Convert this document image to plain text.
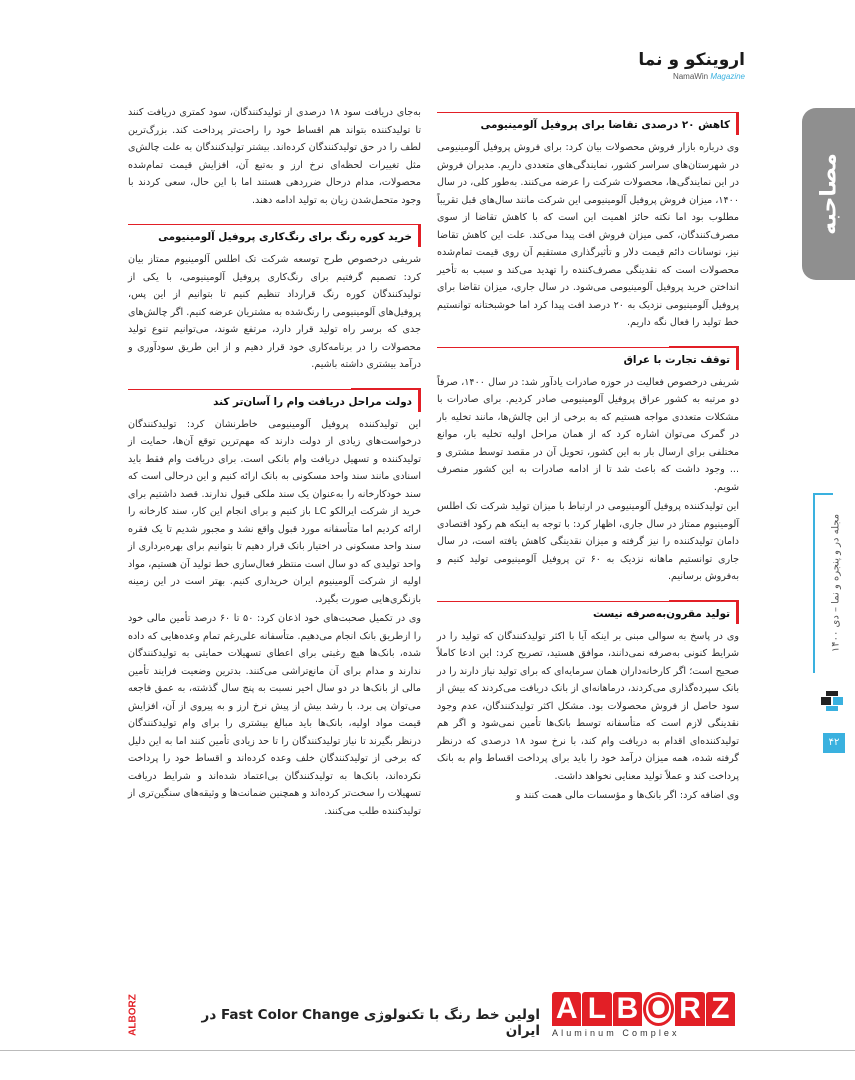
اروینکو و نما
NamaWin Magazine
مصاحبه
مجله در و پنجره و نما – دی ۱۴۰۰
۴۲
کاهش ۲۰ درصدی تقاضا برای پروفیل آلومینیومی

وی درباره بازار فروش محصولات بیان کرد: برای فروش پروفیل آلومینیومی در شهرستان‌های سراسر کشور، نمایندگی‌های متعددی داریم. مدیران فروش در این نمایندگی‌ها، محصولات شرکت را عرضه می‌کنند. به‌طور کلی، در سال ۱۴۰۰، میزان فروش پروفیل آلومینیومی این شرکت مانند سال‌های قبل تقریباً مطلوب بود اما نکته حائز اهمیت این است که با کاهش تقاضا از سوی مصرف‌کنندگان، کمی میزان فروش افت پیدا می‌کند. علت این کاهش تقاضا نیز، نوسانات دائم قیمت دلار و تأثیرگذاری مستقیم آن روی قیمت تمام‌شده محصولات است که نقدینگی مصرف‌کننده را تهدید می‌کند و سبب به تأخیر انداختن خرید پروفیل آلومینیومی می‌شود. در سال جاری، میزان تقاضا برای پروفیل آلومینیومی نزدیک به ۲۰ درصد افت پیدا کرد اما خوشبختانه توانستیم خط تولید را فعال نگه داریم.

توقف تجارت با عراق

شریفی درخصوص فعالیت در حوزه صادرات یادآور شد: در سال ۱۴۰۰، صرفاً دو مرتبه به کشور عراق پروفیل آلومینیومی صادر کردیم. برای صادرات با مشکلات متعددی مواجه هستیم که به برخی از این چالش‌ها، مانند تخلیه بار در گمرک می‌توان اشاره کرد که از همان مراحل اولیه تخلیه بار، موانع مختلفی برای ارسال بار به این کشور، تحویل آن در مقصد توسط مشتری و ... وجود داشت که باعث شد تا از ادامه صادرات به این کشور منصرف شویم.

این تولیدکننده پروفیل آلومینیومی در ارتباط با میزان تولید شرکت تک اطلس آلومینیوم ممتاز در سال جاری، اظهار کرد: با توجه به اینکه هم رکود اقتصادی دامان تولیدکننده را نیز گرفته و میزان نقدینگی کاهش یافته است، در سال جاری توانستیم ماهانه نزدیک به ۶۰ تن پروفیل آلومینیومی تولید کنیم و به‌فروش برسانیم.

تولید مقرون‌به‌صرفه نیست

وی در پاسخ به سوالی مبنی بر اینکه آیا با اکثر تولیدکنندگان که تولید را در شرایط کنونی به‌صرفه نمی‌دانند، موافق هستید، تصریح کرد: این ادعا کاملاً صحیح است؛ اگر کارخانه‌داران همان سرمایه‌ای که برای تولید نیاز دارند را در بانک سپرده‌گذاری می‌کردند، درماهانه‌ای از بانک دریافت می‌کردند که بیش از سود حاصل از فروش محصولات بود. مشکل اکثر تولیدکنندگان، عدم وجود نقدینگی لازم است که متأسفانه توسط بانک‌ها تأمین نمی‌شود و اگر هم تولیدکننده‌ای اقدام به دریافت وام کند، با نرخ سود ۱۸ درصدی که درنظر گرفته شده، همه میزان درآمد خود را باید برای پرداخت اقساط وام به بانک پرداخت کند و عملاً تولید معنایی نخواهد داشت.

وی اضافه کرد: اگر بانک‌ها و مؤسسات مالی همت کنند و

به‌جای دریافت سود ۱۸ درصدی از تولیدکنندگان، سود کمتری دریافت کنند تا تولیدکننده بتواند هم اقساط خود را راحت‌تر پرداخت کند. بزرگ‌ترین لطف را در حق تولیدکنندگان کرده‌اند. بیشتر تولیدکنندگان به علت چالش‌ی مثل تغییرات لحظه‌ای نرخ ارز و به‌تبع آن، افزایش قیمت تمام‌شده محصولات، مدام درحال ضرردهی هستند اما با این حال، سعی کردند با وجود متحمل‌شدن زیان به تولید ادامه دهند.

خرید کوره رنگ برای رنگ‌کاری پروفیل آلومینیومی

شریفی درخصوص طرح توسعه شرکت تک اطلس آلومینیوم ممتاز بیان کرد: تصمیم گرفتیم برای رنگ‌کاری پروفیل آلومینیومی، با یکی از تولیدکنندگان کوره رنگ قرارداد تنظیم کنیم تا بتوانیم از این پس، پروفیل‌های آلومینیومی را رنگ‌شده به مشتریان عرضه کنیم. اگر چالش‌های جدی که برسر راه تولید قرار دارد، مرتفع شوند، می‌توانیم تنوع تولید محصولات را در برنامه‌کاری خود قرار دهیم و از این طریق سودآوری و درآمد بیشتری داشته باشیم.

دولت مراحل دریافت وام را آسان‌تر کند

این تولیدکننده پروفیل آلومینیومی خاطرنشان کرد: تولیدکنندگان درخواست‌های زیادی از دولت دارند که مهم‌ترین توقع آن‌ها، حمایت از تولیدکننده و تسهیل دریافت وام بانکی است. برای دریافت وام فقط باید اسنادی مانند سند واحد مسکونی به بانک ارائه کنیم و این درحالی است که سند خودکارخانه را به‌عنوان یک سند ملکی قبول ندارند. قصد داشتیم برای خرید از شرکت ایرالکو LC باز کنیم و برای انجام این کار، سند کارخانه را ارائه کردیم اما متأسفانه مورد قبول واقع نشد و مجبور شدیم تا یک فقره سند واحد مسکونی در اختیار بانک قرار دهیم تا بتوانیم برای بهره‌برداری از واحد تولیدی که دو سال است منتظر فعال‌سازی خط تولید آن هستیم، مواد اولیه از شرکت آلومینیوم ایران خریداری کنیم. بهتر است در این زمینه بازنگری‌هایی صورت بگیرد.

وی در تکمیل صحبت‌های خود اذعان کرد: ۵۰ تا ۶۰ درصد تأمین مالی خود را ازطریق بانک انجام می‌دهیم. متأسفانه علی‌رغم تمام وعده‌هایی که داده شده، بانک‌ها هیچ رغبتی برای اعطای تسهیلات حمایتی به تولیدکنندگان ندارند و مدام برای آن مانع‌تراشی می‌کنند. بدترین وضعیت فرایند تأمین مالی از بانک‌ها در دو سال اخیر نسبت به پنج سال گذشته، به عمق فاجعه می‌توان پی برد. با رشد بیش از پیش نرخ ارز و به پیروی از آن، افزایش قیمت مواد اولیه، بانک‌ها باید مبالغ بیشتری را برای وام تولیدکنندگان درنظر بگیرند تا نیاز تولیدکنندگان را تا حد زیادی تأمین کنند اما به این دلیل که برخی از تولیدکنندگان خلف وعده کرده‌اند و اقساط خود را پرداخت نکرده‌اند، بانک‌ها به تولیدکنندگان بی‌اعتماد شده‌اند و شرایط دریافت تسهیلات را سخت‌تر کرده‌اند و همچنین ضمانت‌ها و وثیقه‌های سنگین‌تری از تولیدکننده طلب می‌کنند.

اولین خط رنگ با تکنولوژی Fast Color Change در ایران
A L B O R Z
Aluminum Complex
ALBORZ
